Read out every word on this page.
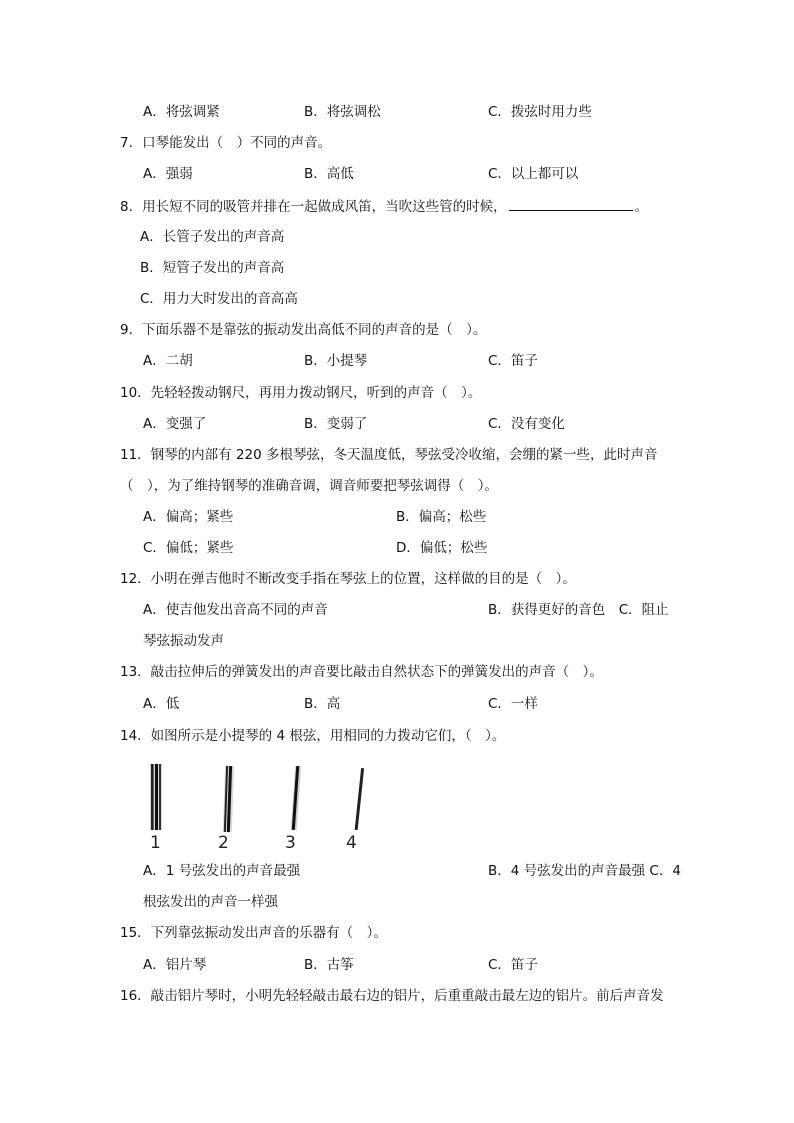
A．将弦调紧	B．将弦调松	C．拨弦时用力些
7．口琴能发出（　）不同的声音。
A．强弱	B．高低	C．以上都可以
8．用长短不同的吸管并排在一起做成风笛，当吹这些管的时候，	。
A．长管子发出的声音高
B．短管子发出的声音高
C．用力大时发出的音高高
9．下面乐器不是靠弦的振动发出高低不同的声音的是（　）。
A．二胡	B．小提琴	C．笛子
10．先轻轻拨动钢尺，再用力拨动钢尺，听到的声音（　）。
A．变强了	B．变弱了	C．没有变化
11．钢琴的内部有 220 多根琴弦，冬天温度低，琴弦受冷收缩，会绷的紧一些，此时声音
（　），为了维持钢琴的准确音调，调音师要把琴弦调得（　）。
A．偏高；紧些	B．偏高；松些
C．偏低；紧些	D．偏低；松些
12．小明在弹吉他时不断改变手指在琴弦上的位置，这样做的目的是（　）。
A．使吉他发出音高不同的声音	B．获得更好的音色　C．阻止
琴弦振动发声
13．敲击拉伸后的弹簧发出的声音要比敲击自然状态下的弹簧发出的声音（　）。
A．低	B．高	C．一样
14．如图所示是小提琴的 4 根弦，用相同的力拨动它们，（　）。
1	2	3	4
A．1 号弦发出的声音最强	B．4 号弦发出的声音最强 C．4
根弦发出的声音一样强
15．下列靠弦振动发出声音的乐器有（　）。
A．铝片琴	B．古筝	C．笛子
16．敲击铝片琴时，小明先轻轻敲击最右边的铝片，后重重敲击最左边的铝片。前后声音发
